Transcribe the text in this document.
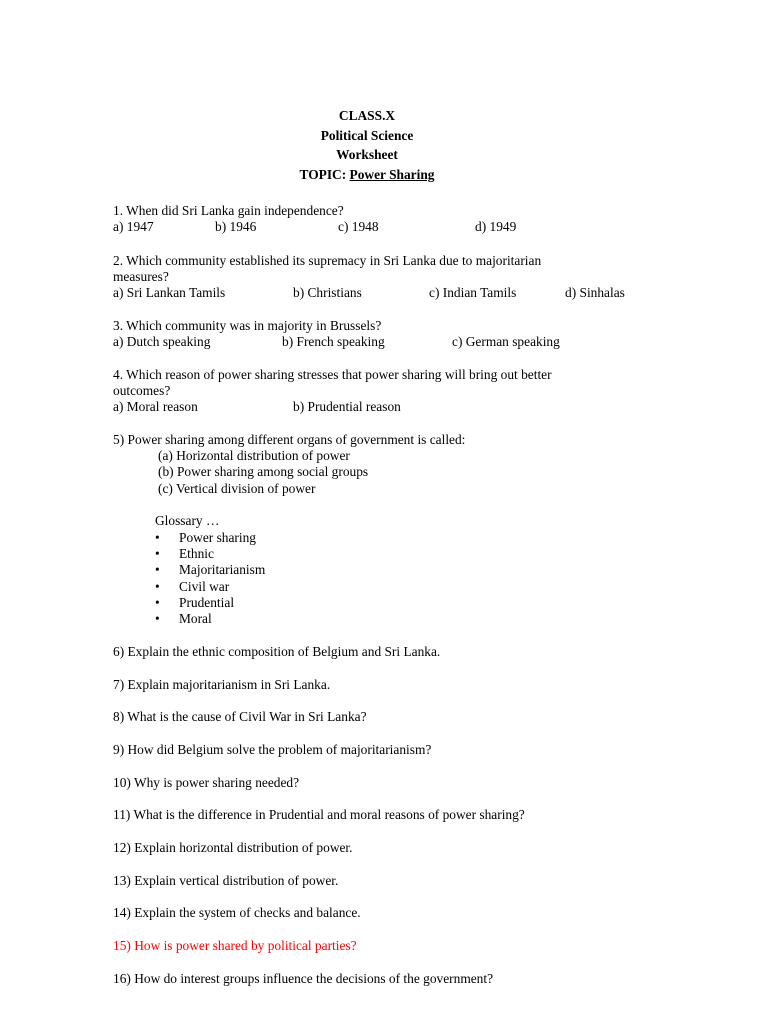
CLASS.X
Political Science
Worksheet
TOPIC: Power Sharing
1. When did Sri Lanka gain independence?
a) 1947	b) 1946	c) 1948	d) 1949
2. Which community established its supremacy in Sri Lanka due to majoritarian
measures?
a) Sri Lankan Tamils	b) Christians	c) Indian Tamils	d) Sinhalas
3. Which community was in majority in Brussels?
a) Dutch speaking	b) French speaking	c) German speaking
4. Which reason of power sharing stresses that power sharing will bring out better
outcomes?
a) Moral reason	b) Prudential reason
5) Power sharing among different organs of government is called:
(a) Horizontal distribution of power
(b) Power sharing among social groups
(c) Vertical division of power
Glossary …
• Power sharing
• Ethnic
• Majoritarianism
• Civil war
• Prudential
• Moral
6) Explain the ethnic composition of Belgium and Sri Lanka.
7) Explain majoritarianism in Sri Lanka.
8) What is the cause of Civil War in Sri Lanka?
9) How did Belgium solve the problem of majoritarianism?
10) Why is power sharing needed?
11) What is the difference in Prudential and moral reasons of power sharing?
12) Explain horizontal distribution of power.
13) Explain vertical distribution of power.
14) Explain the system of checks and balance.
15) How is power shared by political parties?
16) How do interest groups influence the decisions of the government?
